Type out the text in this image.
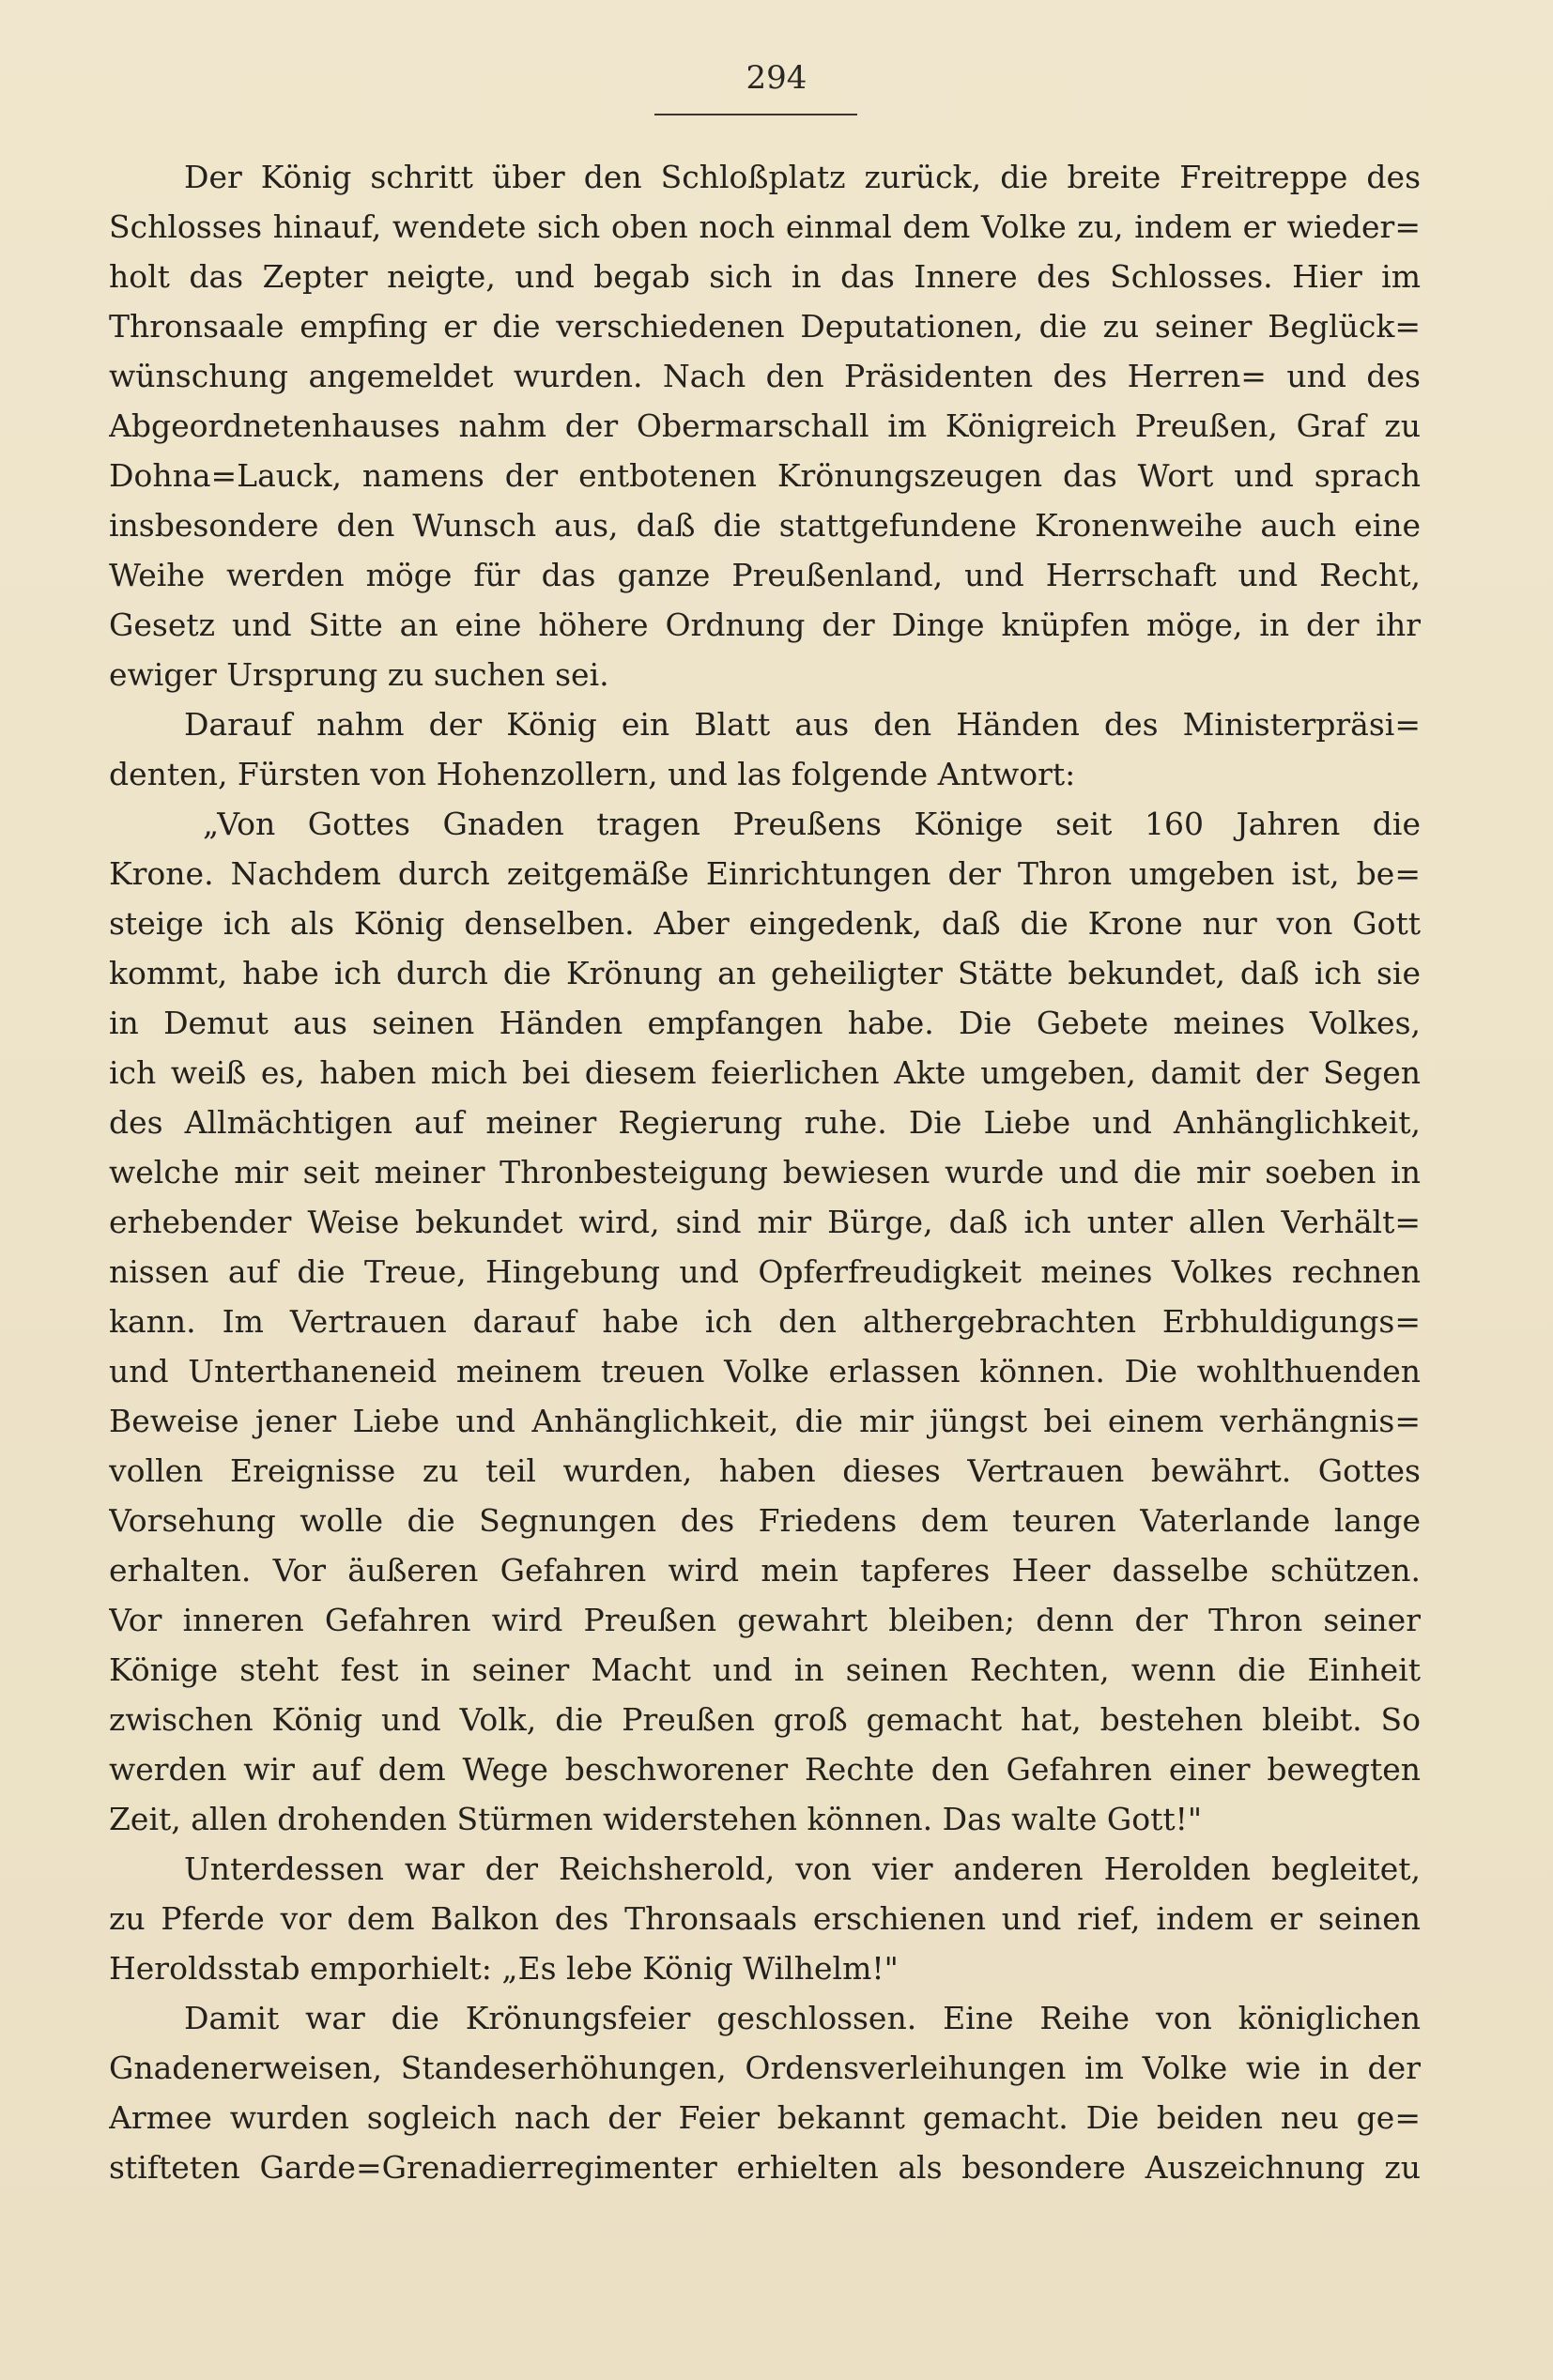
294

Der König schritt über den Schloßplatz zurück, die breite Freitreppe des
Schlosses hinauf, wendete sich oben noch einmal dem Volke zu, indem er wieder=
holt das Zepter neigte, und begab sich in das Innere des Schlosses. Hier im
Thronsaale empfing er die verschiedenen Deputationen, die zu seiner Beglück=
wünschung angemeldet wurden. Nach den Präsidenten des Herren= und des
Abgeordnetenhauses nahm der Obermarschall im Königreich Preußen, Graf zu
Dohna=Lauck, namens der entbotenen Krönungszeugen das Wort und sprach
insbesondere den Wunsch aus, daß die stattgefundene Kronenweihe auch eine
Weihe werden möge für das ganze Preußenland, und Herrschaft und Recht,
Gesetz und Sitte an eine höhere Ordnung der Dinge knüpfen möge, in der ihr
ewiger Ursprung zu suchen sei.

Darauf nahm der König ein Blatt aus den Händen des Ministerpräsi=
denten, Fürsten von Hohenzollern, und las folgende Antwort:

„Von Gottes Gnaden tragen Preußens Könige seit 160 Jahren die
Krone. Nachdem durch zeitgemäße Einrichtungen der Thron umgeben ist, be=
steige ich als König denselben. Aber eingedenk, daß die Krone nur von Gott
kommt, habe ich durch die Krönung an geheiligter Stätte bekundet, daß ich sie
in Demut aus seinen Händen empfangen habe. Die Gebete meines Volkes,
ich weiß es, haben mich bei diesem feierlichen Akte umgeben, damit der Segen
des Allmächtigen auf meiner Regierung ruhe. Die Liebe und Anhänglichkeit,
welche mir seit meiner Thronbesteigung bewiesen wurde und die mir soeben in
erhebender Weise bekundet wird, sind mir Bürge, daß ich unter allen Verhält=
nissen auf die Treue, Hingebung und Opferfreudigkeit meines Volkes rechnen
kann. Im Vertrauen darauf habe ich den althergebrachten Erbhuldigungs=
und Unterthaneneid meinem treuen Volke erlassen können. Die wohlthuenden
Beweise jener Liebe und Anhänglichkeit, die mir jüngst bei einem verhängnis=
vollen Ereignisse zu teil wurden, haben dieses Vertrauen bewährt. Gottes
Vorsehung wolle die Segnungen des Friedens dem teuren Vaterlande lange
erhalten. Vor äußeren Gefahren wird mein tapferes Heer dasselbe schützen.
Vor inneren Gefahren wird Preußen gewahrt bleiben; denn der Thron seiner
Könige steht fest in seiner Macht und in seinen Rechten, wenn die Einheit
zwischen König und Volk, die Preußen groß gemacht hat, bestehen bleibt. So
werden wir auf dem Wege beschworener Rechte den Gefahren einer bewegten
Zeit, allen drohenden Stürmen widerstehen können. Das walte Gott!"

Unterdessen war der Reichsherold, von vier anderen Herolden begleitet,
zu Pferde vor dem Balkon des Thronsaals erschienen und rief, indem er seinen
Heroldsstab emporhielt: „Es lebe König Wilhelm!"

Damit war die Krönungsfeier geschlossen. Eine Reihe von königlichen
Gnadenerweisen, Standeserhöhungen, Ordensverleihungen im Volke wie in der
Armee wurden sogleich nach der Feier bekannt gemacht. Die beiden neu ge=
stifteten Garde=Grenadierregimenter erhielten als besondere Auszeichnung zu
